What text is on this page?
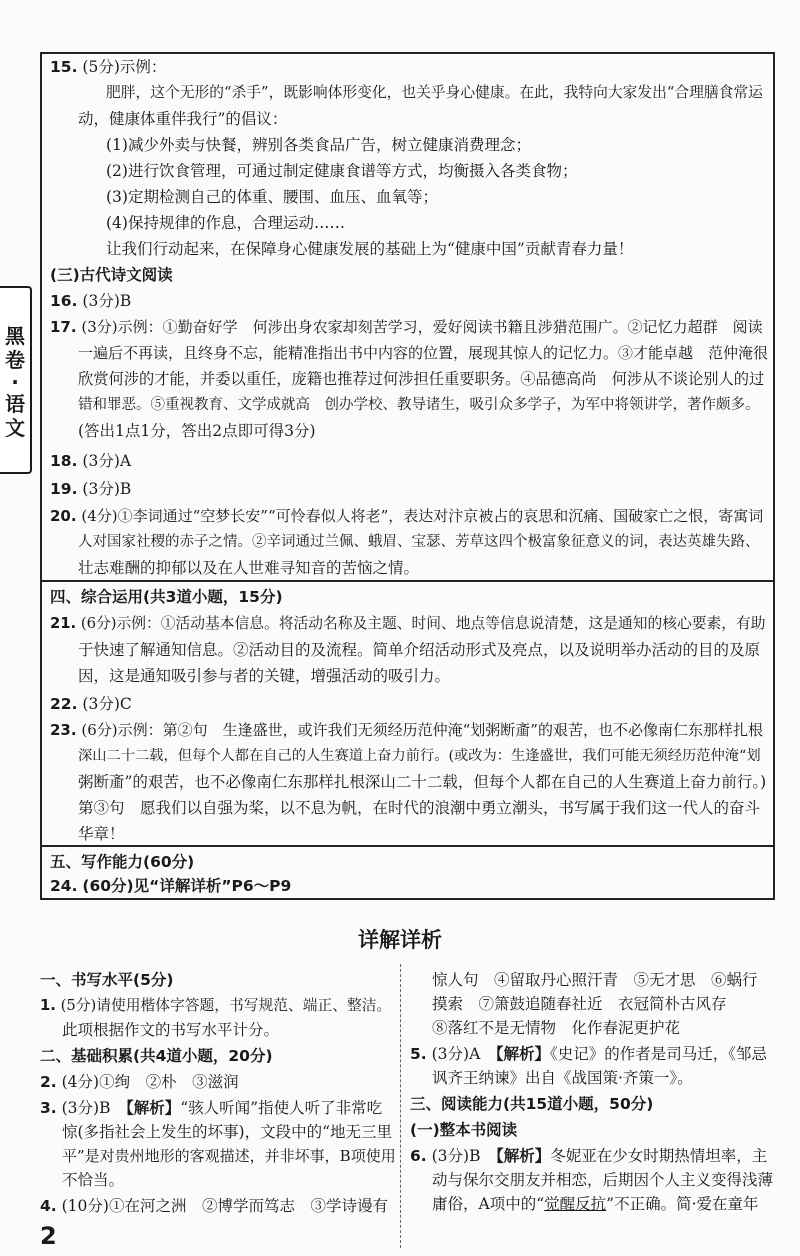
黑
卷
·
语
文
15. (5分)示例：
肥胖，这个无形的“杀手”，既影响体形变化，也关乎身心健康。在此，我特向大家发出“合理膳食常运
动，健康体重伴我行”的倡议：
(1)减少外卖与快餐，辨别各类食品广告，树立健康消费理念；
(2)进行饮食管理，可通过制定健康食谱等方式，均衡摄入各类食物；
(3)定期检测自己的体重、腰围、血压、血氧等；
(4)保持规律的作息，合理运动……
让我们行动起来，在保障身心健康发展的基础上为“健康中国”贡献青春力量！
(三)古代诗文阅读
16. (3分)B
17. (3分)示例：①勤奋好学　何涉出身农家却刻苦学习，爱好阅读书籍且涉猎范围广。②记忆力超群　阅读
一遍后不再读，且终身不忘，能精准指出书中内容的位置，展现其惊人的记忆力。③才能卓越　范仲淹很
欣赏何涉的才能，并委以重任，庞籍也推荐过何涉担任重要职务。④品德高尚　何涉从不谈论别人的过
错和罪恶。⑤重视教育、文学成就高　创办学校、教导诸生，吸引众多学子，为军中将领讲学，著作颇多。
(答出1点1分，答出2点即可得3分)
18. (3分)A
19. (3分)B
20. (4分)①李词通过“空梦长安”“可怜春似人将老”，表达对汴京被占的哀思和沉痛、国破家亡之恨，寄寓词
人对国家社稷的赤子之情。②辛词通过兰佩、蛾眉、宝瑟、芳草这四个极富象征意义的词，表达英雄失路、
壮志难酬的抑郁以及在人世难寻知音的苦恼之情。
四、综合运用(共3道小题，15分)
21. (6分)示例：①活动基本信息。将活动名称及主题、时间、地点等信息说清楚，这是通知的核心要素，有助
于快速了解通知信息。②活动目的及流程。简单介绍活动形式及亮点，以及说明举办活动的目的及原
因，这是通知吸引参与者的关键，增强活动的吸引力。
22. (3分)C
23. (6分)示例：第②句　生逢盛世，或许我们无须经历范仲淹“划粥断齑”的艰苦，也不必像南仁东那样扎根
深山二十二载，但每个人都在自己的人生赛道上奋力前行。(或改为：生逢盛世，我们可能无须经历范仲淹“划
粥断齑”的艰苦，也不必像南仁东那样扎根深山二十二载，但每个人都在自己的人生赛道上奋力前行。)
第③句　愿我们以自强为桨，以不息为帆，在时代的浪潮中勇立潮头，书写属于我们这一代人的奋斗
华章！
五、写作能力(60分)
24. (60分)见“详解详析”P6～P9
详解详析
一、书写水平(5分)
1. (5分)请使用楷体字答题，书写规范、端正、整洁。
此项根据作文的书写水平计分。
二、基础积累(共4道小题，20分)
2. (4分)①绚　②朴　③滋润
3. (3分)B　【解析】“骇人听闻”指使人听了非常吃
惊(多指社会上发生的坏事)，文段中的“地无三里
平”是对贵州地形的客观描述，并非坏事，B项使用
不恰当。
4. (10分)①在河之洲　②博学而笃志　③学诗谩有
惊人句　④留取丹心照汗青　⑤无才思　⑥蜗行
摸索　⑦箫鼓追随春社近　衣冠简朴古风存
⑧落红不是无情物　化作春泥更护花
5. (3分)A　【解析】《史记》的作者是司马迁，《邹忌
讽齐王纳谏》出自《战国策·齐策一》。
三、阅读能力(共15道小题，50分)
(一)整本书阅读
6. (3分)B　【解析】冬妮亚在少女时期热情坦率，主
动与保尔交朋友并相恋，后期因个人主义变得浅薄
庸俗，A项中的“觉醒反抗”不正确。简·爱在童年
2
